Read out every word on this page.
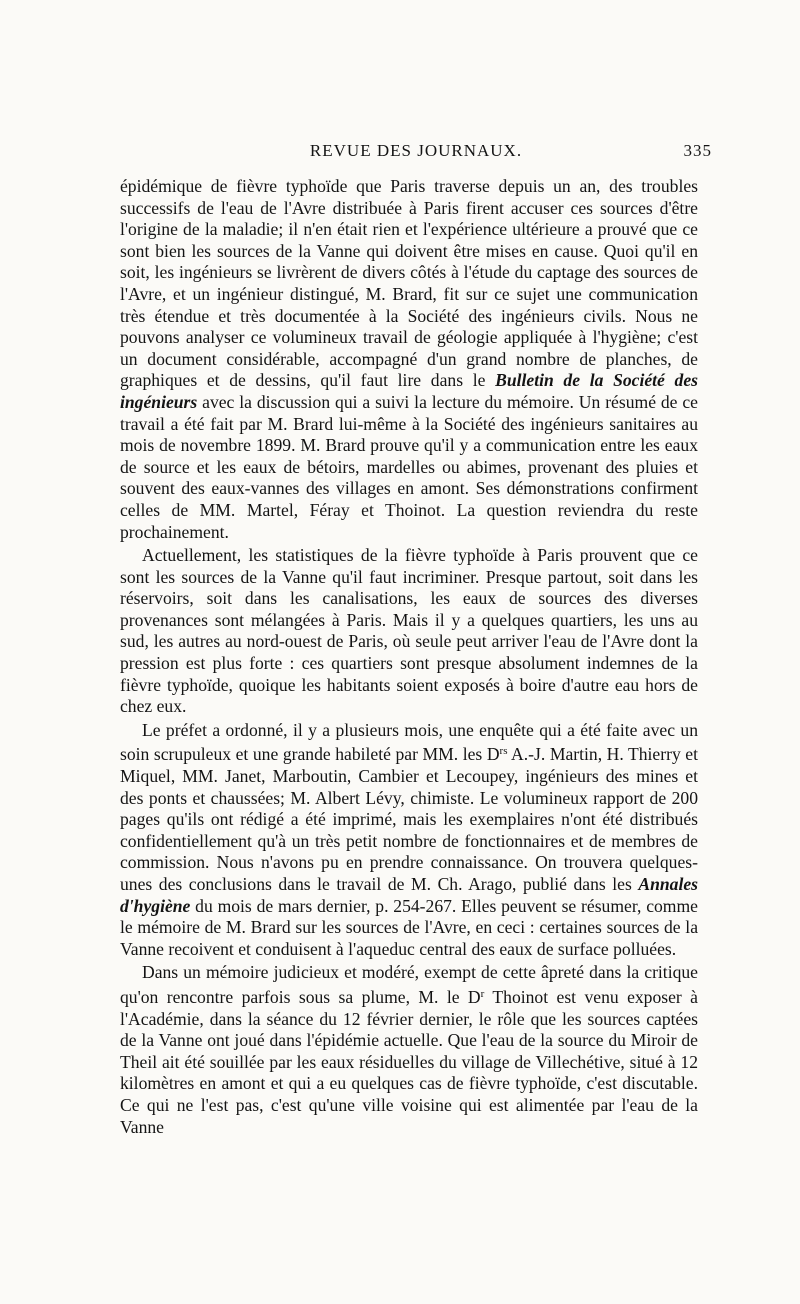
REVUE DES JOURNAUX.	335

épidémique de fièvre typhoïde que Paris traverse depuis un an, des troubles successifs de l'eau de l'Avre distribuée à Paris firent accuser ces sources d'être l'origine de la maladie; il n'en était rien et l'expérience ultérieure a prouvé que ce sont bien les sources de la Vanne qui doivent être mises en cause. Quoi qu'il en soit, les ingénieurs se livrèrent de divers côtés à l'étude du captage des sources de l'Avre, et un ingénieur distingué, M. Brard, fit sur ce sujet une communication très étendue et très documentée à la Société des ingénieurs civils. Nous ne pouvons analyser ce volumineux travail de géologie appliquée à l'hygiène; c'est un document considérable, accompagné d'un grand nombre de planches, de graphiques et de dessins, qu'il faut lire dans le Bulletin de la Société des ingénieurs avec la discussion qui a suivi la lecture du mémoire. Un résumé de ce travail a été fait par M. Brard lui-même à la Société des ingénieurs sanitaires au mois de novembre 1899. M. Brard prouve qu'il y a communication entre les eaux de source et les eaux de bétoirs, mardelles ou abimes, provenant des pluies et souvent des eaux-vannes des villages en amont. Ses démonstrations confirment celles de MM. Martel, Féray et Thoinot. La question reviendra du reste prochainement.

Actuellement, les statistiques de la fièvre typhoïde à Paris prouvent que ce sont les sources de la Vanne qu'il faut incriminer. Presque partout, soit dans les réservoirs, soit dans les canalisations, les eaux de sources des diverses provenances sont mélangées à Paris. Mais il y a quelques quartiers, les uns au sud, les autres au nord-ouest de Paris, où seule peut arriver l'eau de l'Avre dont la pression est plus forte : ces quartiers sont presque absolument indemnes de la fièvre typhoïde, quoique les habitants soient exposés à boire d'autre eau hors de chez eux.

Le préfet a ordonné, il y a plusieurs mois, une enquête qui a été faite avec un soin scrupuleux et une grande habileté par MM. les $D^{rs}$ A.-J. Martin, H. Thierry et Miquel, MM. Janet, Marboutin, Cambier et Lecoupey, ingénieurs des mines et des ponts et chaussées; M. Albert Lévy, chimiste. Le volumineux rapport de 200 pages qu'ils ont rédigé a été imprimé, mais les exemplaires n'ont été distribués confidentiellement qu'à un très petit nombre de fonctionnaires et de membres de commission. Nous n'avons pu en prendre connaissance. On trouvera quelques-unes des conclusions dans le travail de M. Ch. Arago, publié dans les Annales d'hygiène du mois de mars dernier, p. 254-267. Elles peuvent se résumer, comme le mémoire de M. Brard sur les sources de l'Avre, en ceci : certaines sources de la Vanne recoivent et conduisent à l'aqueduc central des eaux de surface polluées.

Dans un mémoire judicieux et modéré, exempt de cette âpreté dans la critique qu'on rencontre parfois sous sa plume, M. le $D^r$ Thoinot est venu exposer à l'Académie, dans la séance du 12 février dernier, le rôle que les sources captées de la Vanne ont joué dans l'épidémie actuelle. Que l'eau de la source du Miroir de Theil ait été souillée par les eaux résiduelles du village de Villechétive, situé à 12 kilomètres en amont et qui a eu quelques cas de fièvre typhoïde, c'est discutable. Ce qui ne l'est pas, c'est qu'une ville voisine qui est alimentée par l'eau de la Vanne
